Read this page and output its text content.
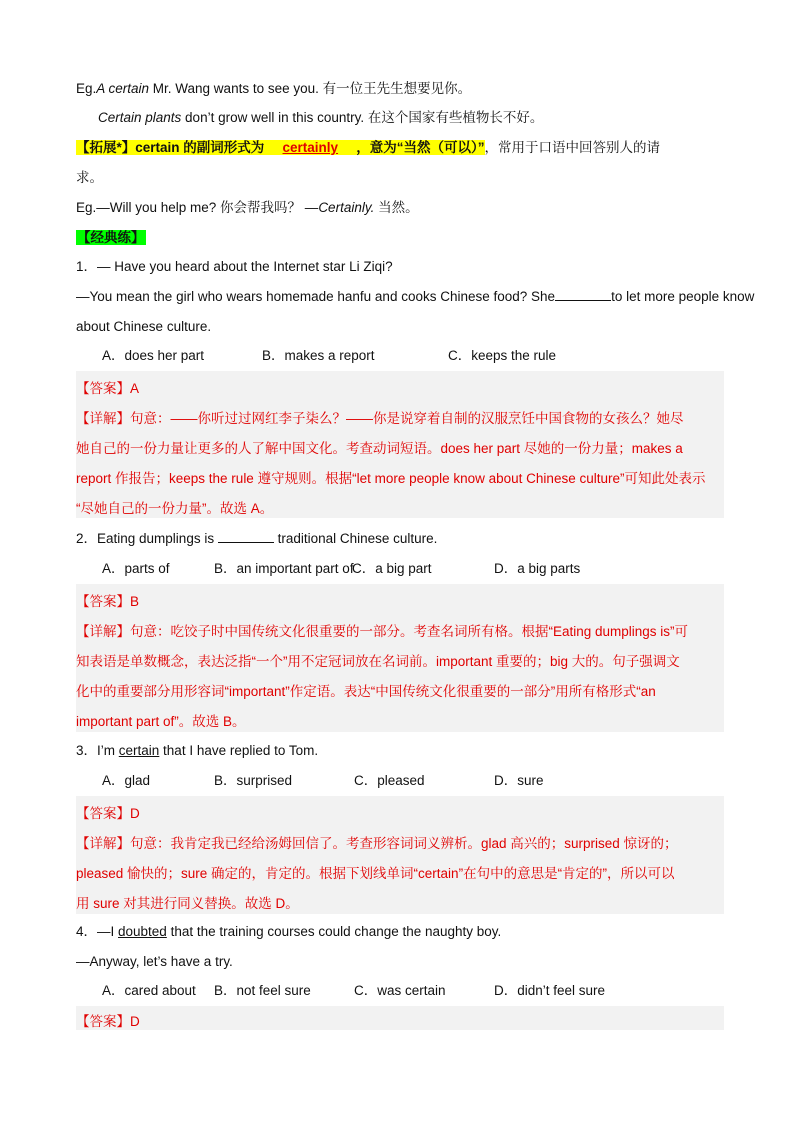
Eg.A certain Mr. Wang wants to see you. 有一位王先生想要见你。
Certain plants don’t grow well in this country. 在这个国家有些植物长不好。
【拓展*】certain 的副词形式为 certainly ，意为“当然（可以）”，常用于口语中回答别人的请
求。
Eg.—Will you help me? 你会帮我吗？ —Certainly. 当然。
【经典练】
1．— Have you heard about the Internet star Li Ziqi?
—You mean the girl who wears homemade hanfu and cooks Chinese food? She	to let more people know
about Chinese culture.
A．does her part	B．makes a report	C．keeps the rule
【答案】A
【详解】句意：——你听过过网红李子柒么？——你是说穿着自制的汉服烹饪中国食物的女孩么？她尽
她自己的一份力量让更多的人了解中国文化。考查动词短语。does her part 尽她的一份力量；makes a
report 作报告；keeps the rule 遵守规则。根据“let more people know about Chinese culture”可知此处表示
“尽她自己的一份力量”。故选 A。
2．Eating dumplings is	traditional Chinese culture.
A．parts of	B．an important part of
C．a big part	D．a big parts
【答案】B
【详解】句意：吃饺子时中国传统文化很重要的一部分。考查名词所有格。根据“Eating dumplings is”可
知表语是单数概念，表达泛指“一个”用不定冠词放在名词前。important 重要的；big 大的。句子强调文
化中的重要部分用形容词“important”作定语。表达“中国传统文化很重要的一部分”用所有格形式“an
important part of”。故选 B。
3．I’m certain that I have replied to Tom.
A．glad	B．surprised	C．pleased	D．sure
【答案】D
【详解】句意：我肯定我已经给汤姆回信了。考查形容词词义辨析。glad 高兴的；surprised 惊讶的；
pleased 愉快的；sure 确定的，肯定的。根据下划线单词“certain”在句中的意思是“肯定的”，所以可以
用 sure 对其进行同义替换。故选 D。
4．—I doubted that the training courses could change the naughty boy.
—Anyway, let’s have a try.
A．cared about B．not feel sure	C．was certain	D．didn’t feel sure
【答案】D
